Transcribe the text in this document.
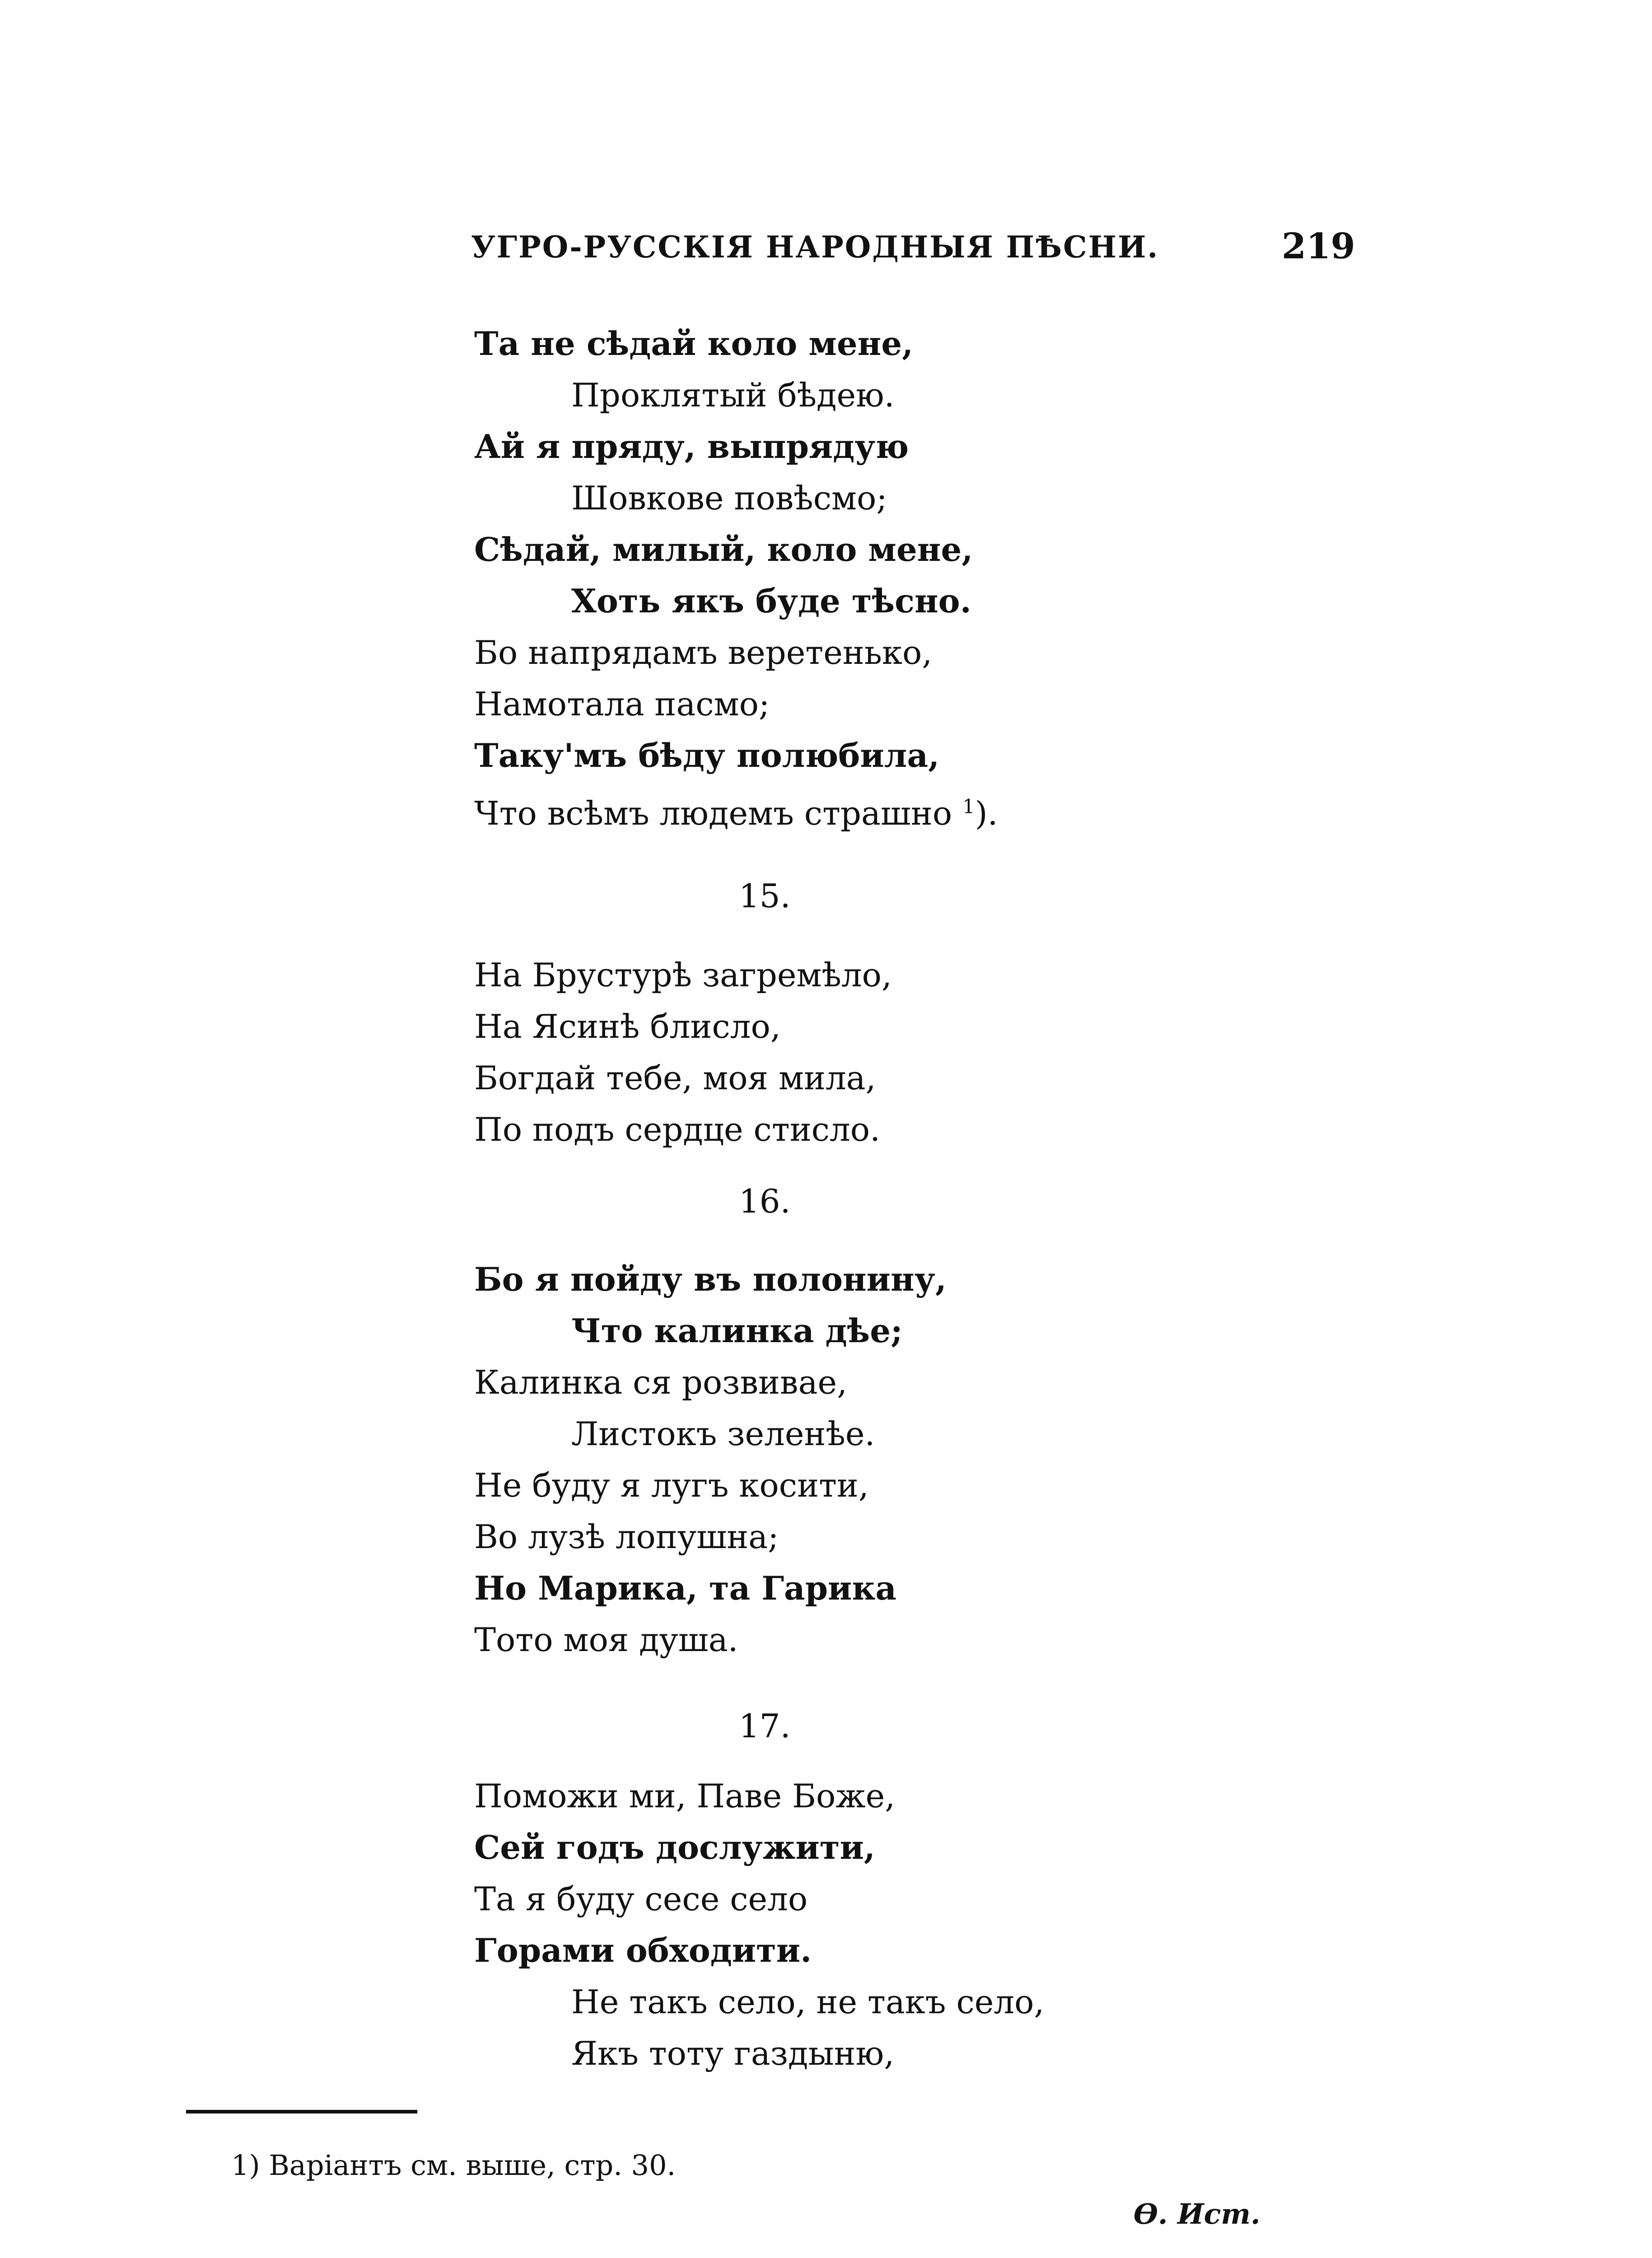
УГРО-РУССКІЯ НАРОДНЫЯ ПѢСНИ.	219
Та не сѣдай коло мене,
Проклятый бѣдею.
Ай я пряду, выпрядую
Шовкове повѣсмо;
Сѣдай, милый, коло мене,
Хоть якъ буде тѣсно.
Бо напрядамъ веретенько,
Намотала пасмо;
Таку'мъ бѣду полюбила,
Что всѣмъ людемъ страшно $^1$).
15.
На Брустурѣ загремѣло,
На Ясинѣ блисло,
Богдай тебе, моя мила,
По подъ сердце стисло.
16.
Бо я пойду въ полонину,
Что калинка дѣе;
Калинка ся розвивае,
Листокъ зеленѣе.
Не буду я лугъ косити,
Во лузѣ лопушна;
Но Марика, та Гарика
Тото моя душа.
17.
Поможи ми, Паве Боже,
Сей годъ дослужити,
Та я буду сесе село
Горами обходити.
Не такъ село, не такъ село,
Якъ тоту газдыню,
1) Варіантъ см. выше, стр. 30.
Ѳ. Ист.
